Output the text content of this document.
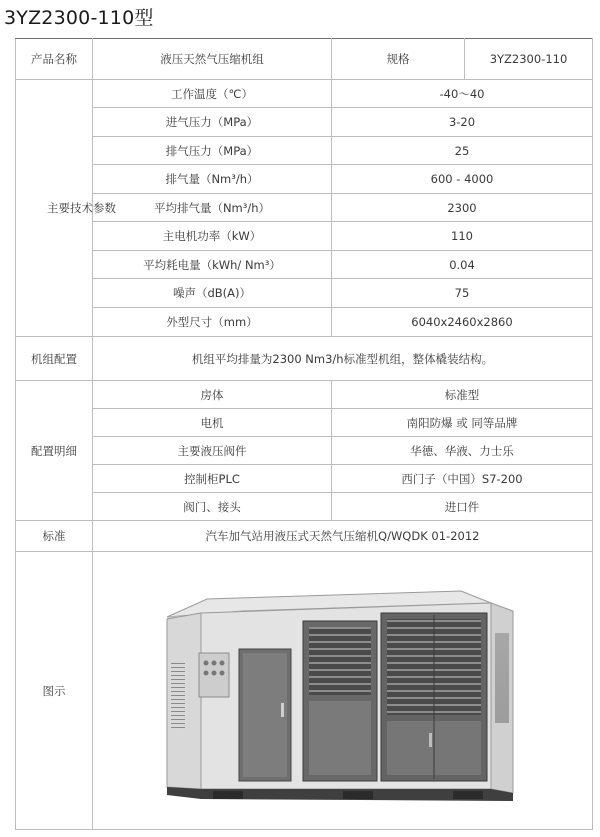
3YZ2300-110型
产品名称	液压天然气压缩机组	规格	3YZ2300-110
主要技术参数	工作温度（℃）	-40～40	
	进气压力（MPa）	3-20	
	排气压力（MPa）	25	
	排气量（Nm³/h）	600 - 4000	
	平均排气量（Nm³/h）	2300	
	主电机功率（kW）	110	
	平均耗电量（kWh/ Nm³）	0.04	
	噪声（dB(A)）	75	
	外型尺寸（mm）	6040x2460x2860	
机组配置	机组平均排量为2300 Nm3/h标准型机组，整体橇装结构。		
配置明细	房体	标准型	
	电机	南阳防爆 或 同等品牌	
	主要液压阀件	华德、华液、力士乐	
	控制柜PLC	西门子（中国）S7-200	
	阀门、接头	进口件	
标准	汽车加气站用液压式天然气压缩机Q/WQDK 01-2012		
图示	
